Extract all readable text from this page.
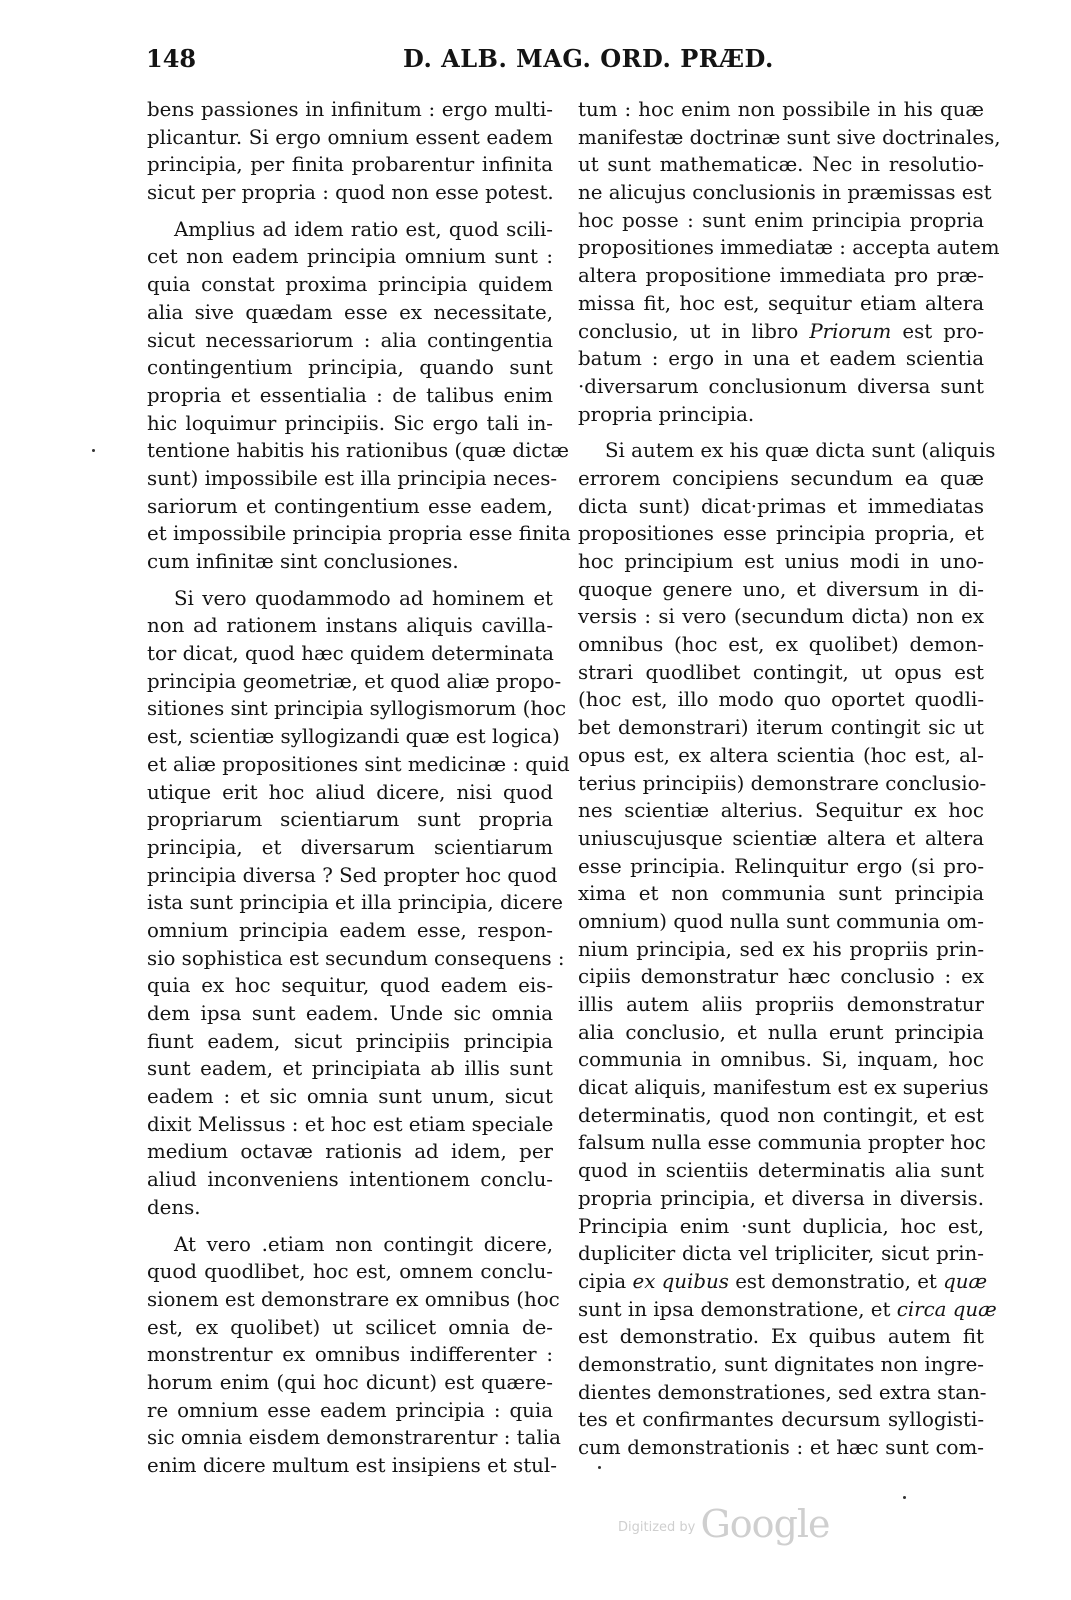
148	D. ALB. MAG. ORD. PRÆD.
bens passiones in infinitum : ergo multi-
plicantur. Si ergo omnium essent eadem
principia, per finita probarentur infinita
sicut per propria : quod non esse potest.
Amplius ad idem ratio est, quod scili-
cet non eadem principia omnium sunt :
quia constat proxima principia quidem
alia sive quædam esse ex necessitate,
sicut necessariorum : alia contingentia
contingentium principia, quando sunt
propria et essentialia : de talibus enim
hic loquimur principiis. Sic ergo tali in-
tentione habitis his rationibus (quæ dictæ
sunt) impossibile est illa principia neces-
sariorum et contingentium esse eadem,
et impossibile principia propria esse finita
cum infinitæ sint conclusiones.
Si vero quodammodo ad hominem et
non ad rationem instans aliquis cavilla-
tor dicat, quod hæc quidem determinata
principia geometriæ, et quod aliæ propo-
sitiones sint principia syllogismorum (hoc
est, scientiæ syllogizandi quæ est logica)
et aliæ propositiones sint medicinæ : quid
utique erit hoc aliud dicere, nisi quod
propriarum scientiarum sunt propria
principia, et diversarum scientiarum
principia diversa ? Sed propter hoc quod
ista sunt principia et illa principia, dicere
omnium principia eadem esse, respon-
sio sophistica est secundum consequens :
quia ex hoc sequitur, quod eadem eis-
dem ipsa sunt eadem. Unde sic omnia
fiunt eadem, sicut principiis principia
sunt eadem, et principiata ab illis sunt
eadem : et sic omnia sunt unum, sicut
dixit Melissus : et hoc est etiam speciale
medium octavæ rationis ad idem, per
aliud inconveniens intentionem conclu-
dens.
At vero .etiam non contingit dicere,
quod quodlibet, hoc est, omnem conclu-
sionem est demonstrare ex omnibus (hoc
est, ex quolibet) ut scilicet omnia de-
monstrentur ex omnibus indifferenter :
horum enim (qui hoc dicunt) est quære-
re omnium esse eadem principia : quia
sic omnia eisdem demonstrarentur : talia
enim dicere multum est insipiens et stul-
tum : hoc enim non possibile in his quæ
manifestæ doctrinæ sunt sive doctrinales,
ut sunt mathematicæ. Nec in resolutio-
ne alicujus conclusionis in præmissas est
hoc posse : sunt enim principia propria
propositiones immediatæ : accepta autem
altera propositione immediata pro præ-
missa fit, hoc est, sequitur etiam altera
conclusio, ut in libro Priorum est pro-
batum : ergo in una et eadem scientia
·diversarum conclusionum diversa sunt
propria principia.
Si autem ex his quæ dicta sunt (aliquis
errorem concipiens secundum ea quæ
dicta sunt) dicat·primas et immediatas
propositiones esse principia propria, et
hoc principium est unius modi in uno-
quoque genere uno, et diversum in di-
versis : si vero (secundum dicta) non ex
omnibus (hoc est, ex quolibet) demon-
strari quodlibet contingit, ut opus est
(hoc est, illo modo quo oportet quodli-
bet demonstrari) iterum contingit sic ut
opus est, ex altera scientia (hoc est, al-
terius principiis) demonstrare conclusio-
nes scientiæ alterius. Sequitur ex hoc
uniuscujusque scientiæ altera et altera
esse principia. Relinquitur ergo (si pro-
xima et non communia sunt principia
omnium) quod nulla sunt communia om-
nium principia, sed ex his propriis prin-
cipiis demonstratur hæc conclusio : ex
illis autem aliis propriis demonstratur
alia conclusio, et nulla erunt principia
communia in omnibus. Si, inquam, hoc
dicat aliquis, manifestum est ex superius
determinatis, quod non contingit, et est
falsum nulla esse communia propter hoc
quod in scientiis determinatis alia sunt
propria principia, et diversa in diversis.
Principia enim ·sunt duplicia, hoc est,
dupliciter dicta vel tripliciter, sicut prin-
cipia ex quibus est demonstratio, et quæ
sunt in ipsa demonstratione, et circa quæ
est demonstratio. Ex quibus autem fit
demonstratio, sunt dignitates non ingre-
dientes demonstrationes, sed extra stan-
tes et confirmantes decursum syllogisti-
cum demonstrationis : et hæc sunt com-
$^{Digitized by}$ Google
